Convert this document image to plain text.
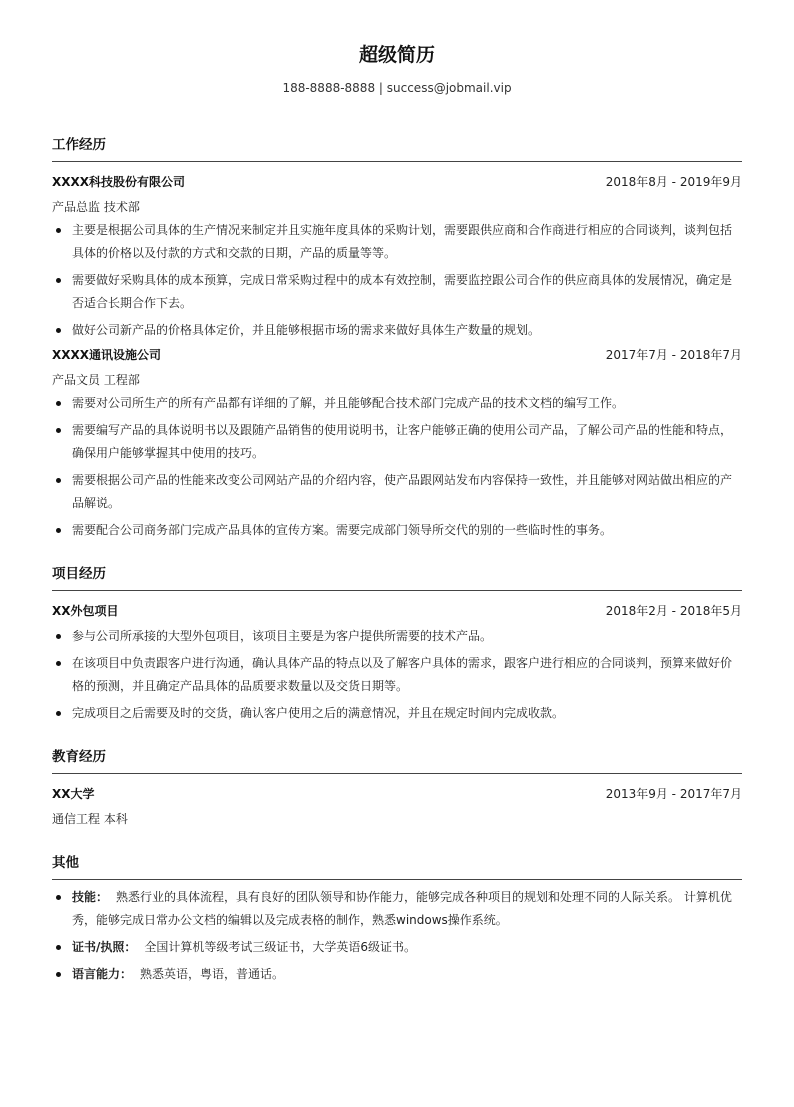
超级简历
188-8888-8888 | success@jobmail.vip
工作经历
XXXX科技股份有限公司	2018年8月 - 2019年9月
产品总监 技术部
主要是根据公司具体的生产情况来制定并且实施年度具体的采购计划，需要跟供应商和合作商进行相应的合同谈判，谈判包括具体的价格以及付款的方式和交款的日期，产品的质量等等。
需要做好采购具体的成本预算，完成日常采购过程中的成本有效控制，需要监控跟公司合作的供应商具体的发展情况，确定是否适合长期合作下去。
做好公司新产品的价格具体定价，并且能够根据市场的需求来做好具体生产数量的规划。
XXXX通讯设施公司	2017年7月 - 2018年7月
产品文员 工程部
需要对公司所生产的所有产品都有详细的了解，并且能够配合技术部门完成产品的技术文档的编写工作。
需要编写产品的具体说明书以及跟随产品销售的使用说明书，让客户能够正确的使用公司产品，了解公司产品的性能和特点，确保用户能够掌握其中使用的技巧。
需要根据公司产品的性能来改变公司网站产品的介绍内容，使产品跟网站发布内容保持一致性，并且能够对网站做出相应的产品解说。
需要配合公司商务部门完成产品具体的宣传方案。需要完成部门领导所交代的别的一些临时性的事务。
项目经历
XX外包项目	2018年2月 - 2018年5月
参与公司所承接的大型外包项目，该项目主要是为客户提供所需要的技术产品。
在该项目中负责跟客户进行沟通，确认具体产品的特点以及了解客户具体的需求，跟客户进行相应的合同谈判，预算来做好价格的预测，并且确定产品具体的品质要求数量以及交货日期等。
完成项目之后需要及时的交货，确认客户使用之后的满意情况，并且在规定时间内完成收款。
教育经历
XX大学	2013年9月 - 2017年7月
通信工程 本科
其他
技能： 熟悉行业的具体流程，具有良好的团队领导和协作能力，能够完成各种项目的规划和处理不同的人际关系。 计算机优秀，能够完成日常办公文档的编辑以及完成表格的制作，熟悉windows操作系统。
证书/执照： 全国计算机等级考试三级证书，大学英语6级证书。
语言能力： 熟悉英语，粤语，普通话。
